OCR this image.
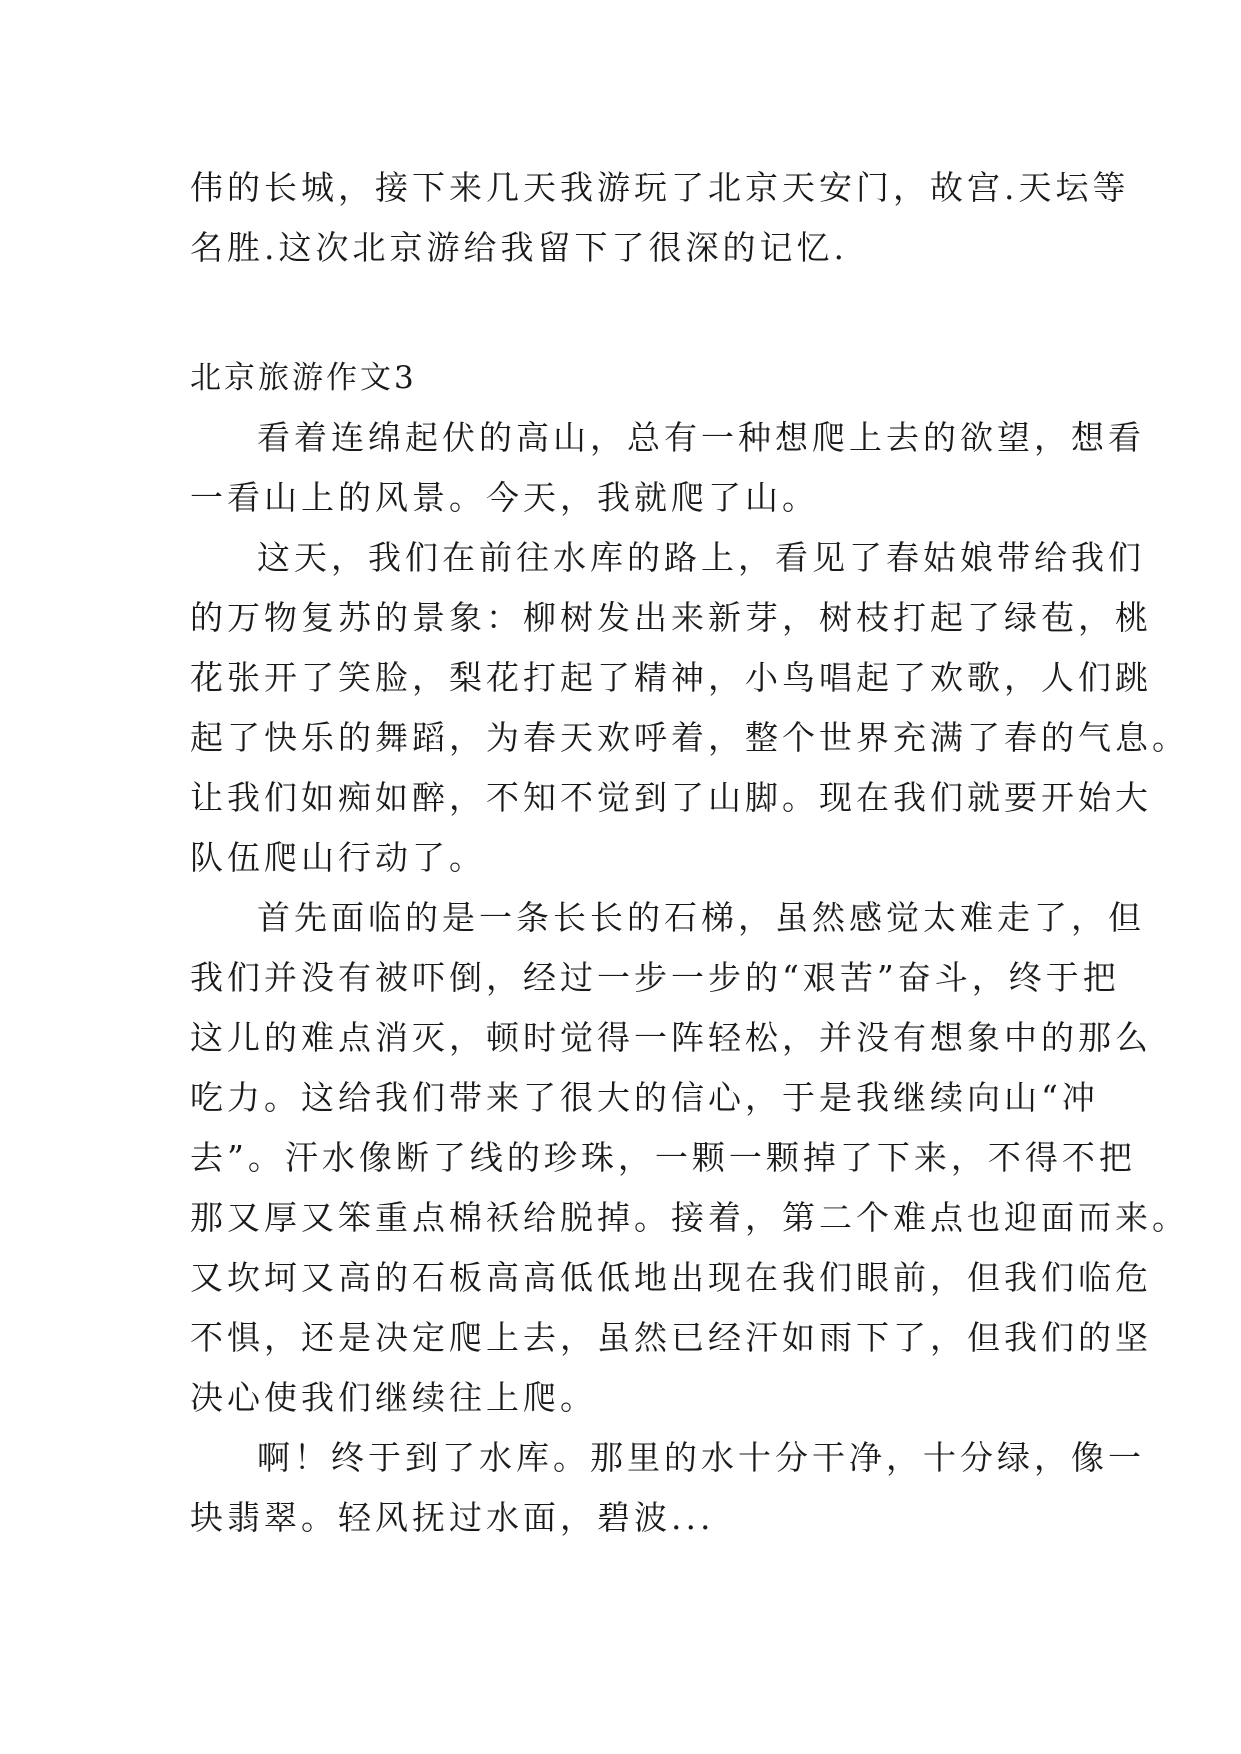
伟的长城，接下来几天我游玩了北京天安门，故宫.天坛等
名胜.这次北京游给我留下了很深的记忆.
北京旅游作文3
看着连绵起伏的高山，总有一种想爬上去的欲望，想看
一看山上的风景。今天，我就爬了山。
这天，我们在前往水库的路上，看见了春姑娘带给我们
的万物复苏的景象：柳树发出来新芽，树枝打起了绿苞，桃
花张开了笑脸，梨花打起了精神，小鸟唱起了欢歌，人们跳
起了快乐的舞蹈，为春天欢呼着，整个世界充满了春的气息。
让我们如痴如醉，不知不觉到了山脚。现在我们就要开始大
队伍爬山行动了。
首先面临的是一条长长的石梯，虽然感觉太难走了，但
我们并没有被吓倒，经过一步一步的“艰苦”奋斗，终于把
这儿的难点消灭，顿时觉得一阵轻松，并没有想象中的那么
吃力。这给我们带来了很大的信心，于是我继续向山“冲
去”。汗水像断了线的珍珠，一颗一颗掉了下来，不得不把
那又厚又笨重点棉袄给脱掉。接着，第二个难点也迎面而来。
又坎坷又高的石板高高低低地出现在我们眼前，但我们临危
不惧，还是决定爬上去，虽然已经汗如雨下了，但我们的坚
决心使我们继续往上爬。
啊！终于到了水库。那里的水十分干净，十分绿，像一
块翡翠。轻风抚过水面，碧波...
